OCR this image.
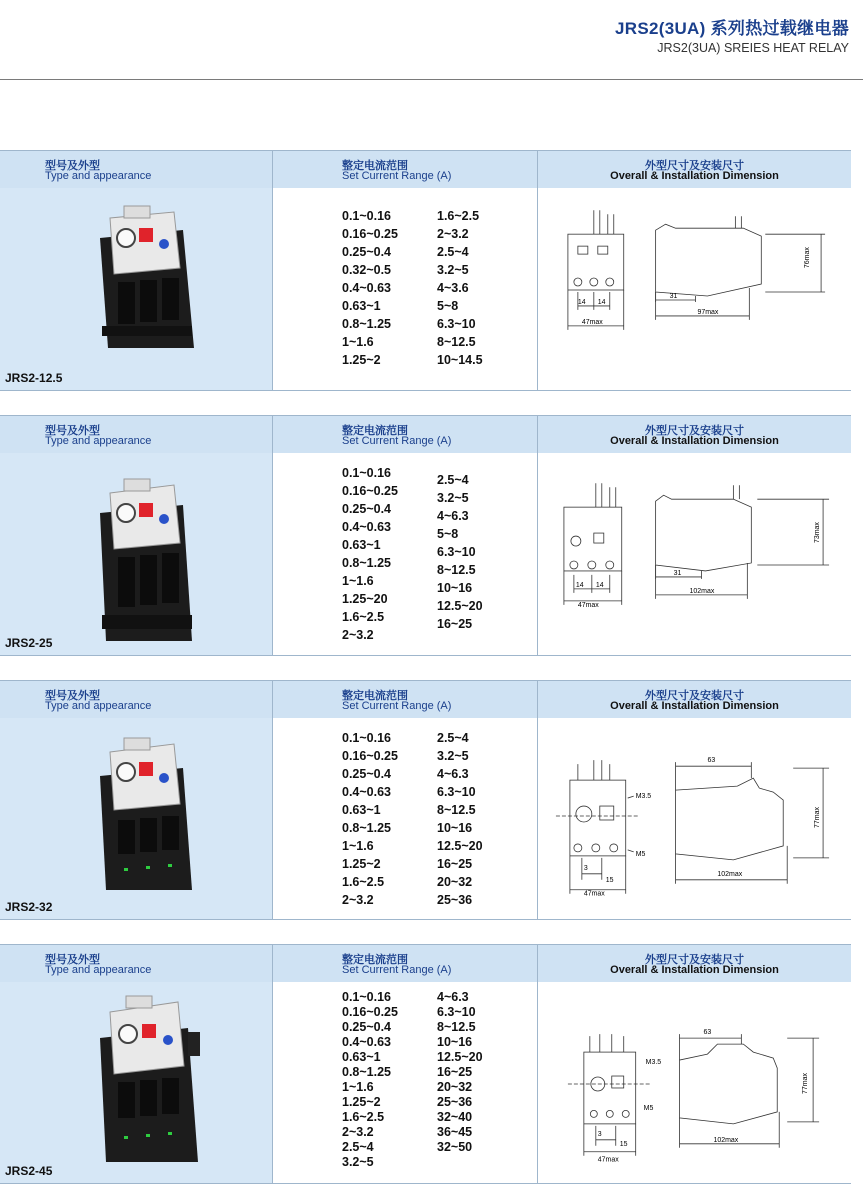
JRS2(3UA) 系列热过载继电器
JRS2(3UA) SREIES HEAT RELAY
型号及外型
Type and appearance
整定电流范围
Set Current Range (A)
外型尺寸及安装尺寸
Overall & Installation Dimension
JRS2-12.5
0.1~0.16
0.16~0.25
0.25~0.4
0.32~0.5
0.4~0.63
0.63~1
0.8~1.25
1~1.6
1.25~2
1.6~2.5
2~3.2
2.5~4
3.2~5
4~3.6
5~8
6.3~10
8~12.5
10~14.5
14 14
47max
31
97max
76max
型号及外型
Type and appearance
整定电流范围
Set Current Range (A)
外型尺寸及安装尺寸
Overall & Installation Dimension
JRS2-25
0.1~0.16
0.16~0.25
0.25~0.4
0.4~0.63
0.63~1
0.8~1.25
1~1.6
1.25~20
1.6~2.5
2~3.2
2.5~4
3.2~5
4~6.3
5~8
6.3~10
8~12.5
10~16
12.5~20
16~25
14 14
47max
31
102max
73max
型号及外型
Type and appearance
整定电流范围
Set Current Range (A)
外型尺寸及安装尺寸
Overall & Installation Dimension
JRS2-32
0.1~0.16
0.16~0.25
0.25~0.4
0.4~0.63
0.63~1
0.8~1.25
1~1.6
1.25~2
1.6~2.5
2~3.2
2.5~4
3.2~5
4~6.3
6.3~10
8~12.5
10~16
12.5~20
16~25
20~32
25~36
M3.5
M5
3
15
47max
63
102max
77max
型号及外型
Type and appearance
整定电流范围
Set Current Range (A)
外型尺寸及安装尺寸
Overall & Installation Dimension
JRS2-45
0.1~0.16
0.16~0.25
0.25~0.4
0.4~0.63
0.63~1
0.8~1.25
1~1.6
1.25~2
1.6~2.5
2~3.2
2.5~4
3.2~5
4~6.3
6.3~10
8~12.5
10~16
12.5~20
16~25
20~32
25~36
32~40
36~45
32~50
M3.5
M5
3
15
47max
63
102max
77max
